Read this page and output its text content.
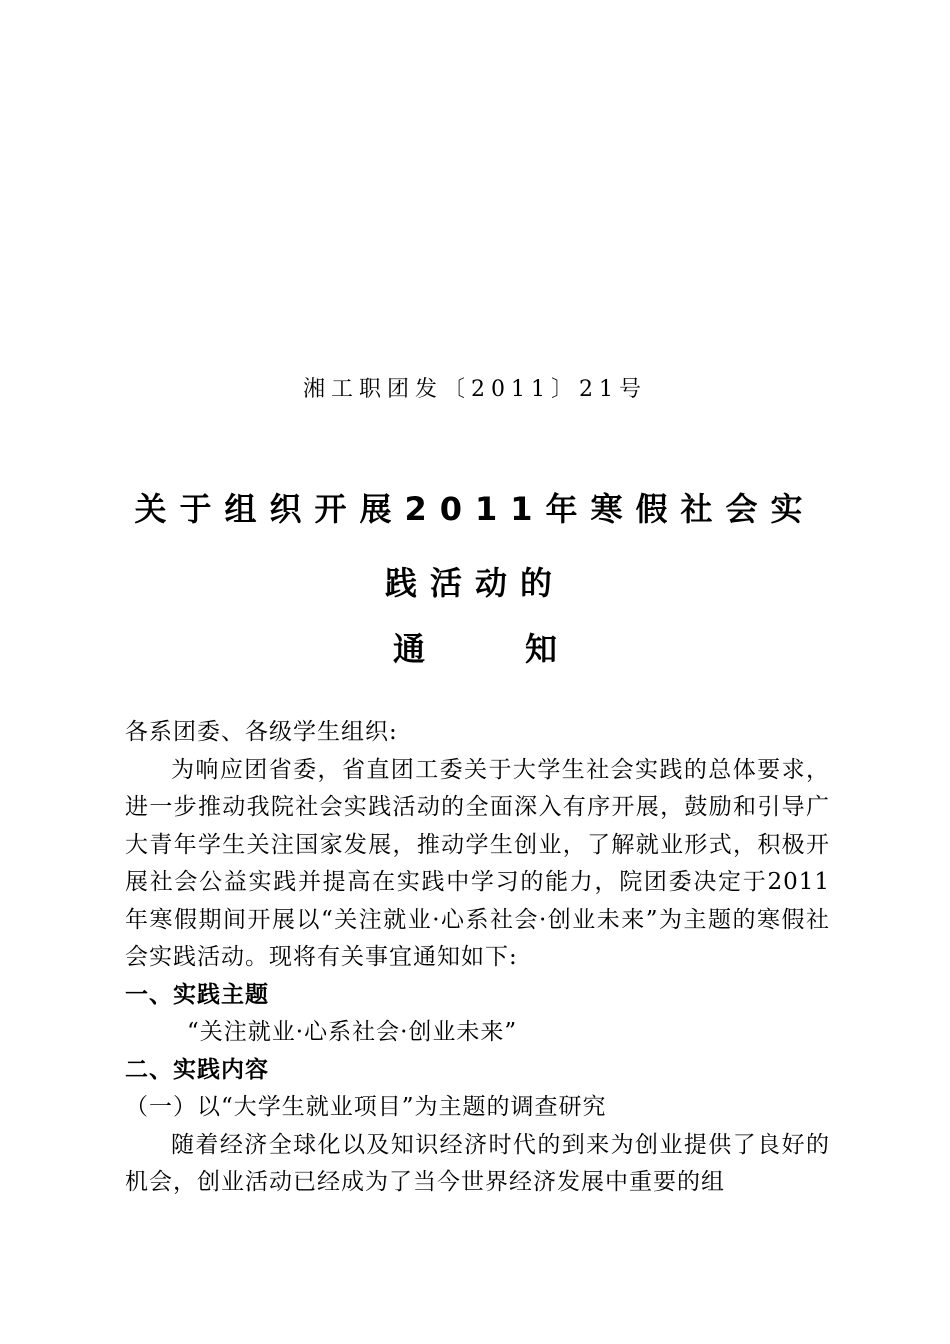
湘工职团发〔2011〕21号
关于组织开展2011年寒假社会实
践活动的
通	知

各系团委、各级学生组织:

为响应团省委，省直团工委关于大学生社会实践的总体要求，进一步推动我院社会实践活动的全面深入有序开展，鼓励和引导广大青年学生关注国家发展，推动学生创业，了解就业形式，积极开展社会公益实践并提高在实践中学习的能力，院团委决定于2011年寒假期间开展以“关注就业·心系社会·创业未来”为主题的寒假社会实践活动。现将有关事宜通知如下:

一、实践主题

“关注就业·心系社会·创业未来”

二、实践内容

（一）以“大学生就业项目”为主题的调查研究

随着经济全球化以及知识经济时代的到来为创业提供了良好的机会，创业活动已经成为了当今世界经济发展中重要的组
